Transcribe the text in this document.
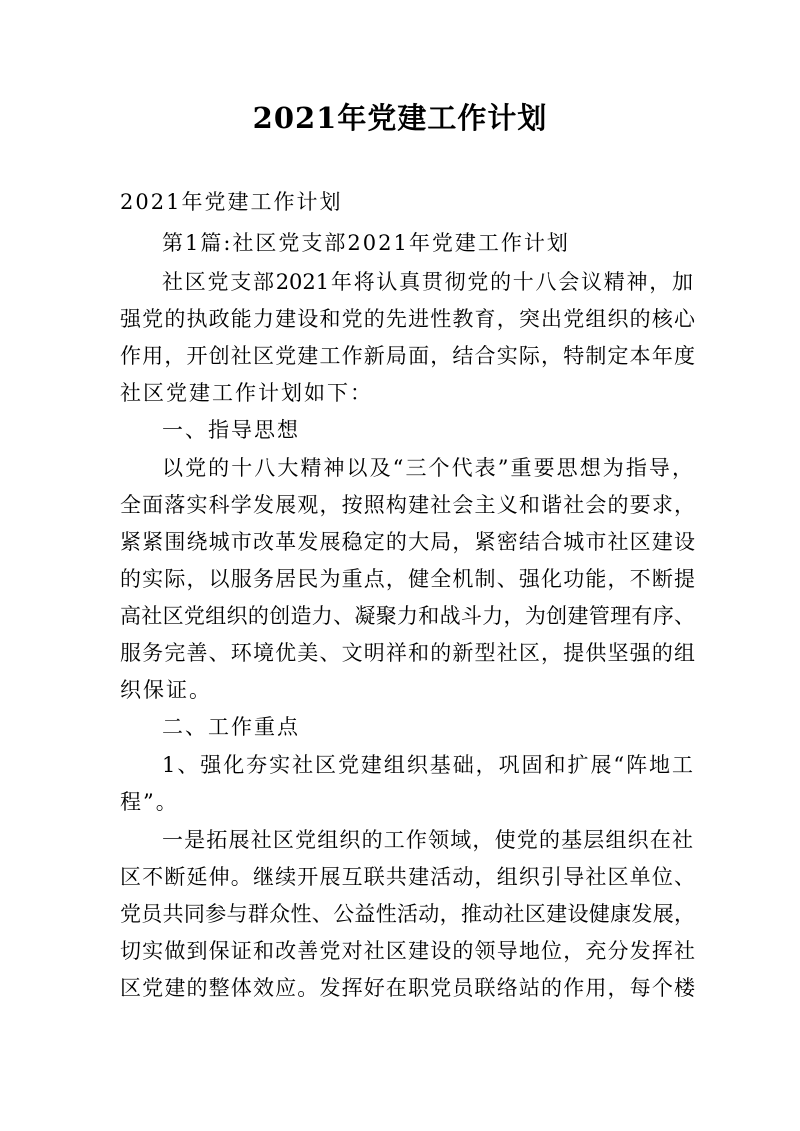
2021年党建工作计划
2021年党建工作计划
第1篇:社区党支部2021年党建工作计划
社区党支部2021年将认真贯彻党的十八会议精神，加
强党的执政能力建设和党的先进性教育，突出党组织的核心
作用，开创社区党建工作新局面，结合实际，特制定本年度
社区党建工作计划如下：
一、指导思想
以党的十八大精神以及“三个代表”重要思想为指导，
全面落实科学发展观，按照构建社会主义和谐社会的要求，
紧紧围绕城市改革发展稳定的大局，紧密结合城市社区建设
的实际，以服务居民为重点，健全机制、强化功能，不断提
高社区党组织的创造力、凝聚力和战斗力，为创建管理有序、
服务完善、环境优美、文明祥和的新型社区，提供坚强的组
织保证。
二、工作重点
1、强化夯实社区党建组织基础，巩固和扩展“阵地工
程”。
一是拓展社区党组织的工作领域，使党的基层组织在社
区不断延伸。继续开展互联共建活动，组织引导社区单位、
党员共同参与群众性、公益性活动，推动社区建设健康发展，
切实做到保证和改善党对社区建设的领导地位，充分发挥社
区党建的整体效应。发挥好在职党员联络站的作用，每个楼
